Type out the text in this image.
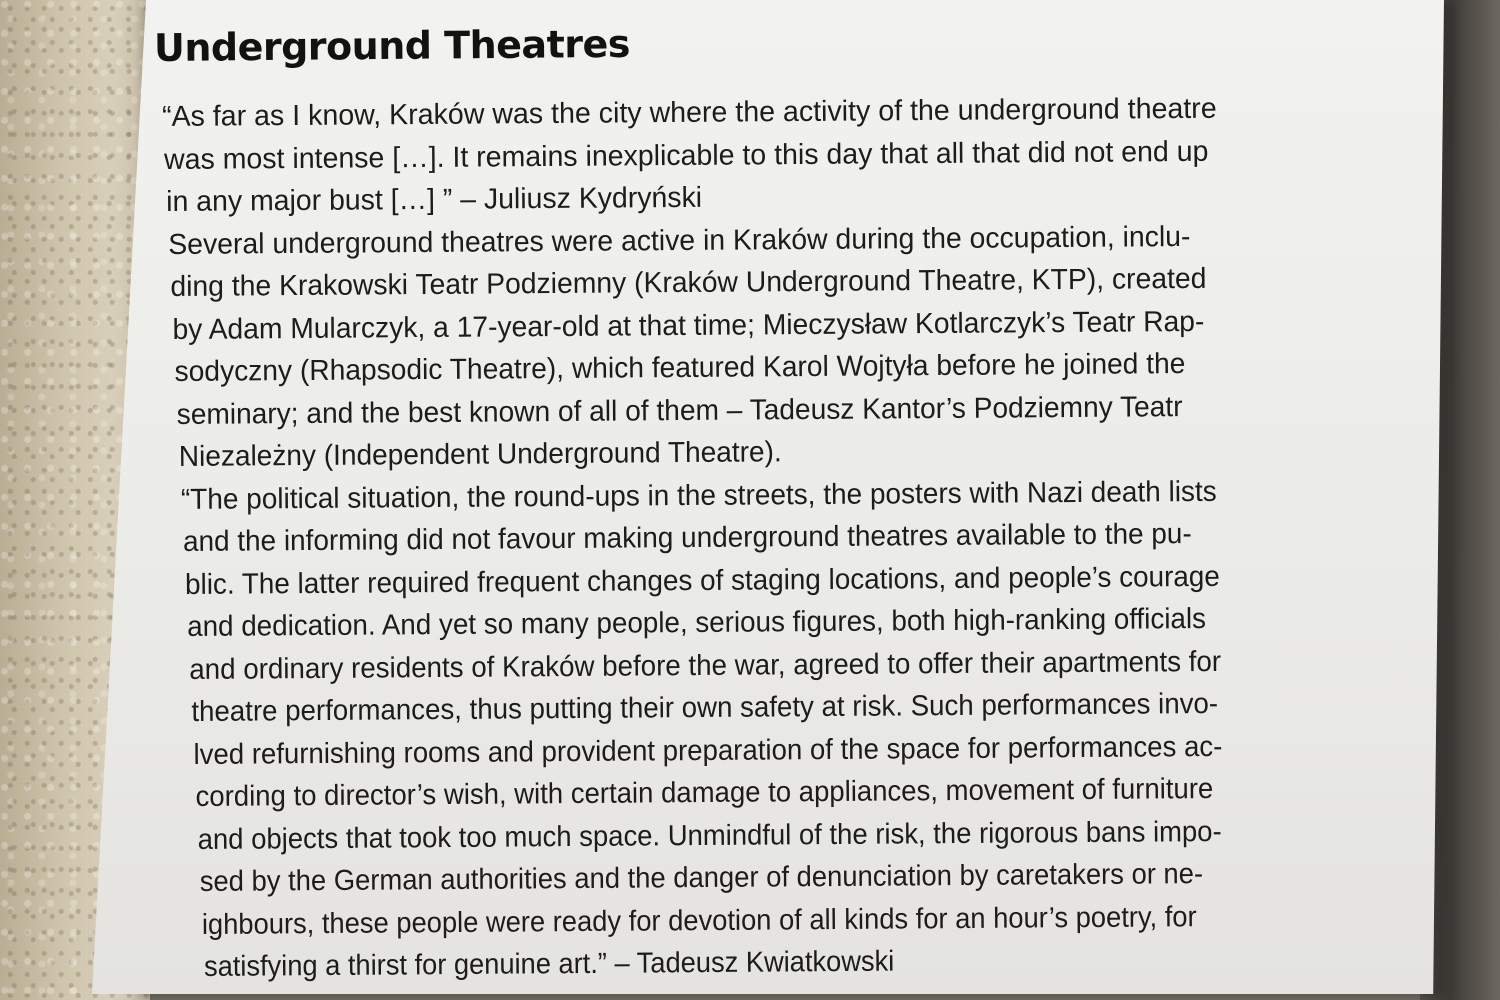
Underground Theatres
“As far as I know, Kraków was the city where the activity of the underground theatre
was most intense […]. It remains inexplicable to this day that all that did not end up
in any major bust […] ” – Juliusz Kydryński
Several underground theatres were active in Kraków during the occupation, inclu-
ding the Krakowski Teatr Podziemny (Kraków Underground Theatre, KTP), created
by Adam Mularczyk, a 17-year-old at that time; Mieczysław Kotlarczyk’s Teatr Rap-
sodyczny (Rhapsodic Theatre), which featured Karol Wojtyła before he joined the
seminary; and the best known of all of them – Tadeusz Kantor’s Podziemny Teatr
Niezależny (Independent Underground Theatre).
“The political situation, the round-ups in the streets, the posters with Nazi death lists
and the informing did not favour making underground theatres available to the pu-
blic. The latter required frequent changes of staging locations, and people’s courage
and dedication. And yet so many people, serious figures, both high-ranking officials
and ordinary residents of Kraków before the war, agreed to offer their apartments for
theatre performances, thus putting their own safety at risk. Such performances invo-
lved refurnishing rooms and provident preparation of the space for performances ac-
cording to director’s wish, with certain damage to appliances, movement of furniture
and objects that took too much space. Unmindful of the risk, the rigorous bans impo-
sed by the German authorities and the danger of denunciation by caretakers or ne-
ighbours, these people were ready for devotion of all kinds for an hour’s poetry, for
satisfying a thirst for genuine art.” – Tadeusz Kwiatkowski
